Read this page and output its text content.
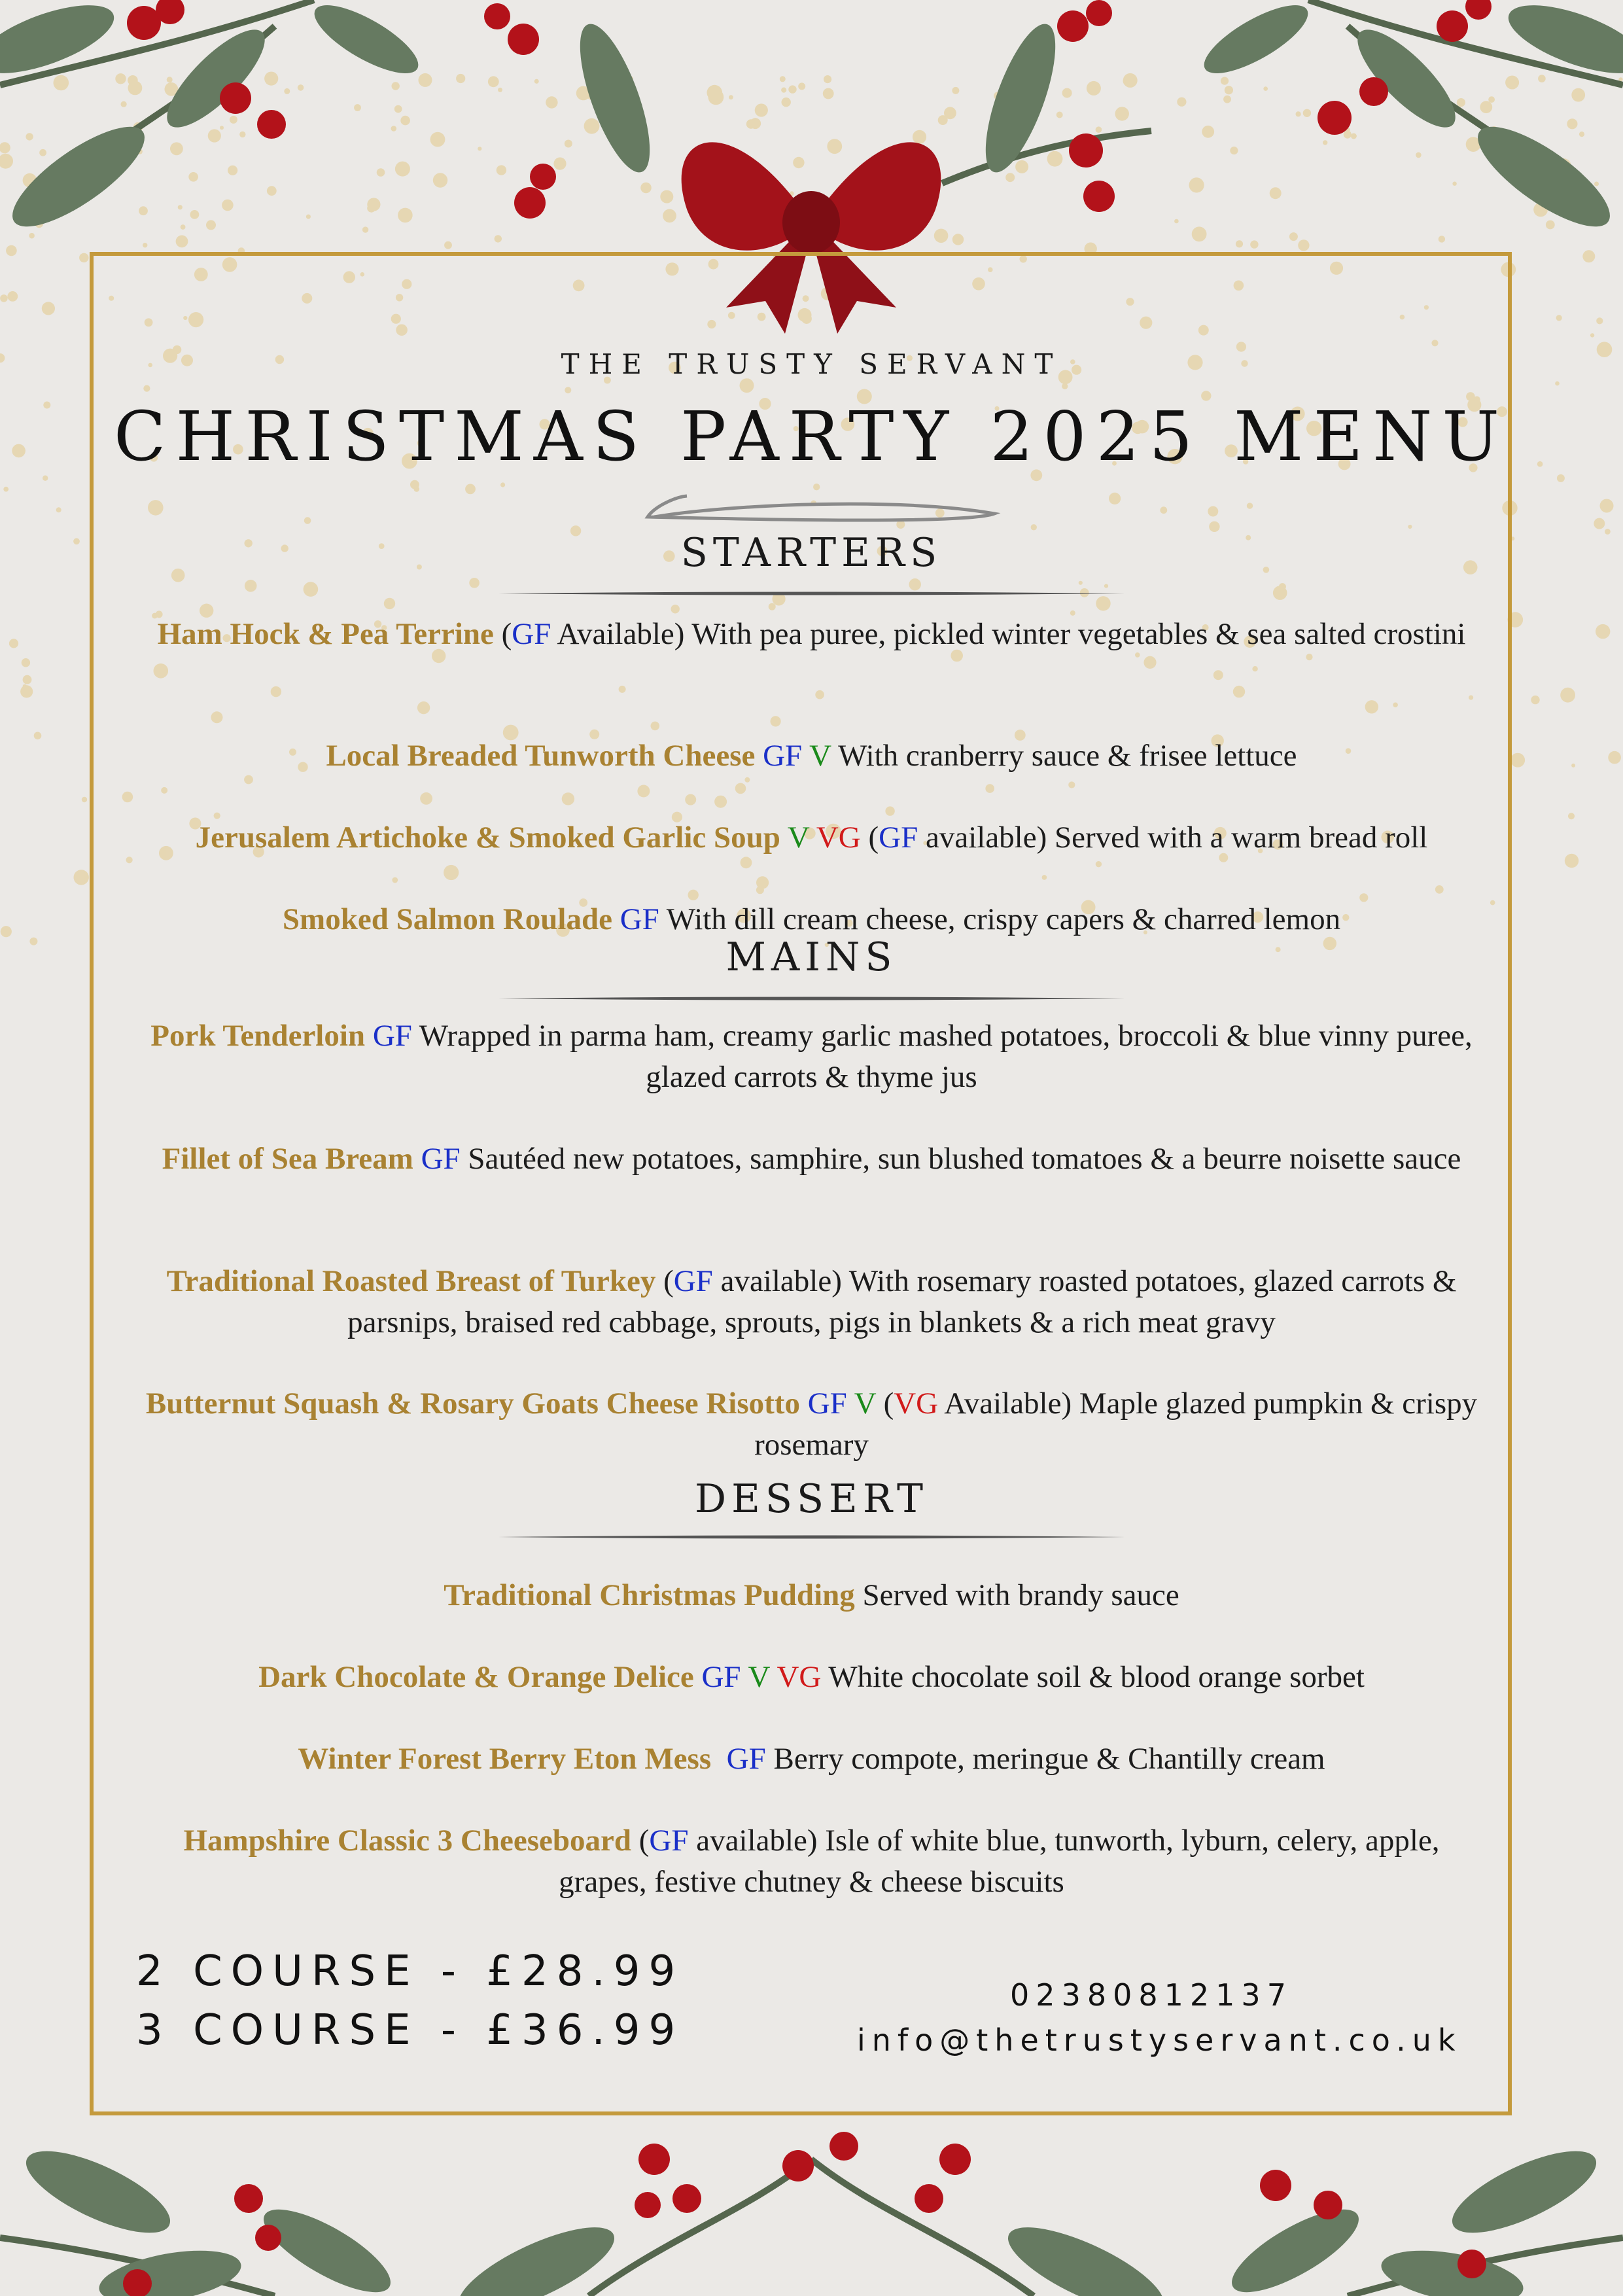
THE TRUSTY SERVANT
CHRISTMAS PARTY 2025 MENU
STARTERS
Ham Hock & Pea Terrine (GF Available) With pea puree, pickled winter vegetables & sea salted crostini
Local Breaded Tunworth Cheese GF V With cranberry sauce & frisee lettuce
Jerusalem Artichoke & Smoked Garlic Soup V VG (GF available) Served with a warm bread roll
Smoked Salmon Roulade GF With dill cream cheese, crispy capers & charred lemon
MAINS
Pork Tenderloin GF Wrapped in parma ham, creamy garlic mashed potatoes, broccoli & blue vinny puree, glazed carrots & thyme jus
Fillet of Sea Bream GF Sautéed new potatoes, samphire, sun blushed tomatoes & a beurre noisette sauce
Traditional Roasted Breast of Turkey (GF available) With rosemary roasted potatoes, glazed carrots & parsnips, braised red cabbage, sprouts, pigs in blankets & a rich meat gravy
Butternut Squash & Rosary Goats Cheese Risotto GF V (VG Available) Maple glazed pumpkin & crispy rosemary
DESSERT
Traditional Christmas Pudding Served with brandy sauce
Dark Chocolate & Orange Delice GF V VG White chocolate soil & blood orange sorbet
Winter Forest Berry Eton Mess GF Berry compote, meringue & Chantilly cream
Hampshire Classic 3 Cheeseboard (GF available) Isle of white blue, tunworth, lyburn, celery, apple, grapes, festive chutney & cheese biscuits
2 COURSE - £28.99
3 COURSE - £36.99
02380812137
info@thetrustyservant.co.uk
